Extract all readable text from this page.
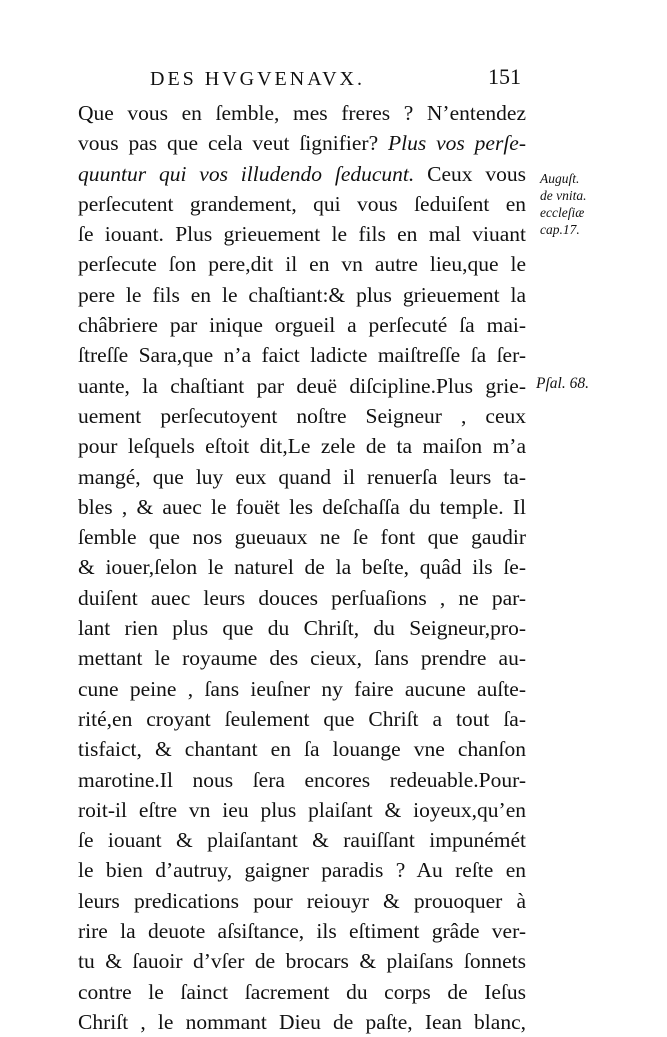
DES HVGVENAVX.	151
Que vous en ſemble, mes freres ? N’entendez
vous pas que cela veut ſignifier? Plus vos perſe-
quuntur qui vos illudendo ſeducunt. Ceux vous
perſecutent grandement, qui vous ſeduiſent en
ſe iouant. Plus grieuement le fils en mal viuant
perſecute ſon pere,dit il en vn autre lieu,que le
pere le fils en le chaſtiant:& plus grieuement la
châbriere par inique orgueil a perſecuté ſa mai-
ſtreſſe Sara,que n’a faict ladicte maiſtreſſe ſa ſer-
uante, la chaſtiant par deuë diſcipline.Plus grie-
uement perſecutoyent noſtre Seigneur , ceux
pour leſquels eſtoit dit,Le zele de ta maiſon m’a
mangé, que luy eux quand il renuerſa leurs ta-
bles , & auec le fouët les deſchaſſa du temple. Il
ſemble que nos gueuaux ne ſe font que gaudir
& iouer,ſelon le naturel de la beſte, quâd ils ſe-
duiſent auec leurs douces perſuaſions , ne par-
lant rien plus que du Chriſt, du Seigneur,pro-
mettant le royaume des cieux, ſans prendre au-
cune peine , ſans ieuſner ny faire aucune auſte-
rité,en croyant ſeulement que Chriſt a tout ſa-
tisfaict, & chantant en ſa louange vne chanſon
marotine.Il nous ſera encores redeuable.Pour-
roit-il eſtre vn ieu plus plaiſant & ioyeux,qu’en
ſe iouant & plaiſantant & rauiſſant impunémét
le bien d’autruy, gaigner paradis ? Au reſte en
leurs predications pour reiouyr & prouoquer à
rire la deuote aſsiſtance, ils eſtiment grâde ver-
tu & ſauoir d’vſer de brocars & plaiſans ſonnets
contre le ſainct ſacrement du corps de Ieſus
Chriſt , le nommant Dieu de paſte, Iean blanc,
Auguſt.
de vnita.
eccleſiæ
cap.17.
Pſal. 68.
